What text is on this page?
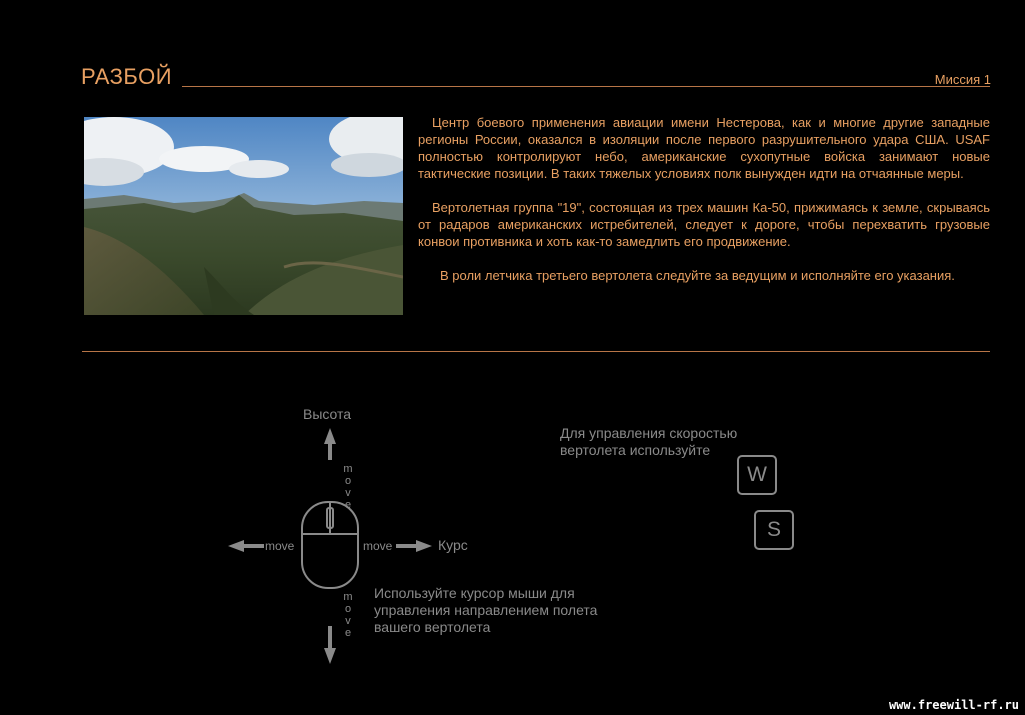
РАЗБОЙ	Миссия 1

Центр боевого применения авиации имени Нестерова, как и многие другие западные регионы России, оказался в изоляции после первого разрушительного удара США. USAF полностью контролируют небо, американские сухопутные войска занимают новые тактические позиции. В таких тяжелых условиях полк вынужден идти на отчаянные меры.

Вертолетная группа "19", состоящая из трех машин Ка-50, прижимаясь к земле, скрываясь от радаров американских истребителей, следует к дороге, чтобы перехватить грузовые конвои противника и хоть как-то замедлить его продвижение.

В роли летчика третьего вертолета следуйте за ведущим и исполняйте его указания.

Высота
Курс
move
move
move	move
Используйте курсор мыши для управления направлением полета вашего вертолета
Для управления скоростью вертолета используйте
W
S
www.freewill-rf.ru
